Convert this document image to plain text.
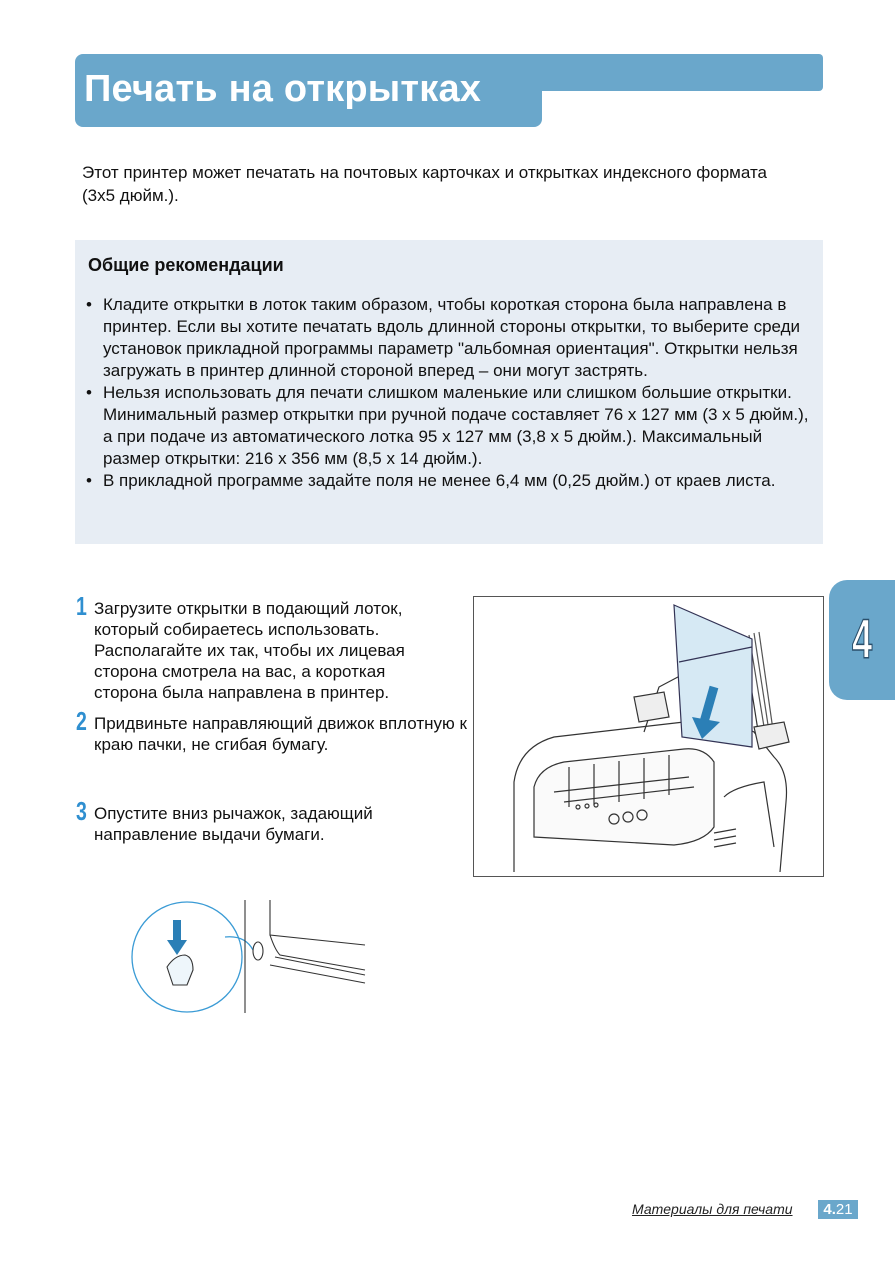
Печать на открытках
Этот принтер может печатать на почтовых карточках и открытках индексного формата (3x5 дюйм.).
Общие рекомендации
• Кладите открытки в лоток таким образом, чтобы короткая сторона была направлена в принтер. Если вы хотите печатать вдоль длинной стороны открытки, то выберите среди установок прикладной программы параметр "альбомная ориентация". Открытки нельзя загружать в принтер длинной стороной вперед – они могут застрять.
• Нельзя использовать для печати слишком маленькие или слишком большие открытки. Минимальный размер открытки при ручной подаче составляет 76 x 127 мм (3 x 5 дюйм.), а при подаче из автоматического лотка 95 x 127 мм (3,8 x 5 дюйм.). Максимальный размер открытки: 216 x 356 мм (8,5 x 14 дюйм.).
• В прикладной программе задайте поля не менее 6,4 мм (0,25 дюйм.) от краев листа.
1 Загрузите открытки в подающий лоток, который собираетесь использовать. Располагайте их так, чтобы их лицевая сторона смотрела на вас, а короткая сторона была направлена в принтер.
2 Придвиньте направляющий движок вплотную к краю пачки, не сгибая бумагу.
3 Опустите вниз рычажок, задающий направление выдачи бумаги.
4
Материалы для печати	4.21
